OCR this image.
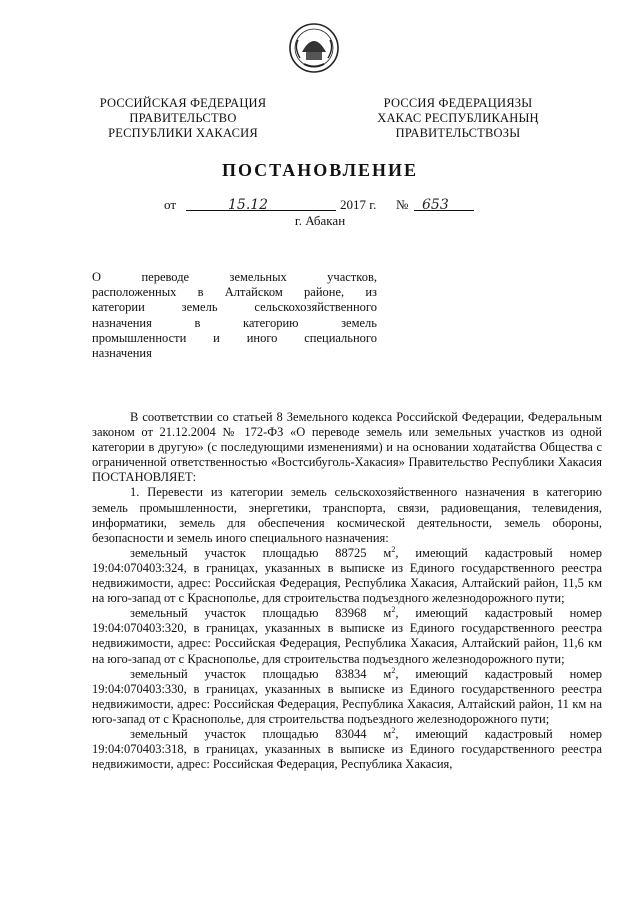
РОССИЙСКАЯ ФЕДЕРАЦИЯ
ПРАВИТЕЛЬСТВО
РЕСПУБЛИКИ ХАКАСИЯ
РОССИЯ ФЕДЕРАЦИЯЗЫ
ХАКАС РЕСПУБЛИКАНЫҢ
ПРАВИТЕЛЬСТВОЗЫ
ПОСТАНОВЛЕНИЕ
от	15.12	2017 г. № 653
г. Абакан
О переводе земельных участков,
расположенных в Алтайском районе, из
категории земель сельскохозяйственного
назначения в категорию земель
промышленности и иного специального
назначения

В соответствии со статьей 8 Земельного кодекса Российской Федерации, Федеральным законом от 21.12.2004 № 172-ФЗ «О переводе земель или земельных участков из одной категории в другую» (с последующими изменениями) и на основании ходатайства Общества с ограниченной ответственностью «Востсибуголь-Хакасия» Правительство Республики Хакасия ПОСТАНОВЛЯЕТ:

1. Перевести из категории земель сельскохозяйственного назначения в категорию земель промышленности, энергетики, транспорта, связи, радиовещания, телевидения, информатики, земель для обеспечения космической деятельности, земель обороны, безопасности и земель иного специального назначения:

земельный участок площадью 88725 $м^2$, имеющий кадастровый номер 19:04:070403:324, в границах, указанных в выписке из Единого государственного реестра недвижимости, адрес: Российская Федерация, Республика Хакасия, Алтайский район, 11,5 км на юго-запад от с Краснополье, для строительства подъездного железнодорожного пути;

земельный участок площадью 83968 $м^2$, имеющий кадастровый номер 19:04:070403:320, в границах, указанных в выписке из Единого государственного реестра недвижимости, адрес: Российская Федерация, Республика Хакасия, Алтайский район, 11,6 км на юго-запад от с Краснополье, для строительства подъездного железнодорожного пути;

земельный участок площадью 83834 $м^2$, имеющий кадастровый номер 19:04:070403:330, в границах, указанных в выписке из Единого государственного реестра недвижимости, адрес: Российская Федерация, Республика Хакасия, Алтайский район, 11 км на юго-запад от с Краснополье, для строительства подъездного железнодорожного пути;

земельный участок площадью 83044 $м^2$, имеющий кадастровый номер 19:04:070403:318, в границах, указанных в выписке из Единого государственного реестра недвижимости, адрес: Российская Федерация, Республика Хакасия,
